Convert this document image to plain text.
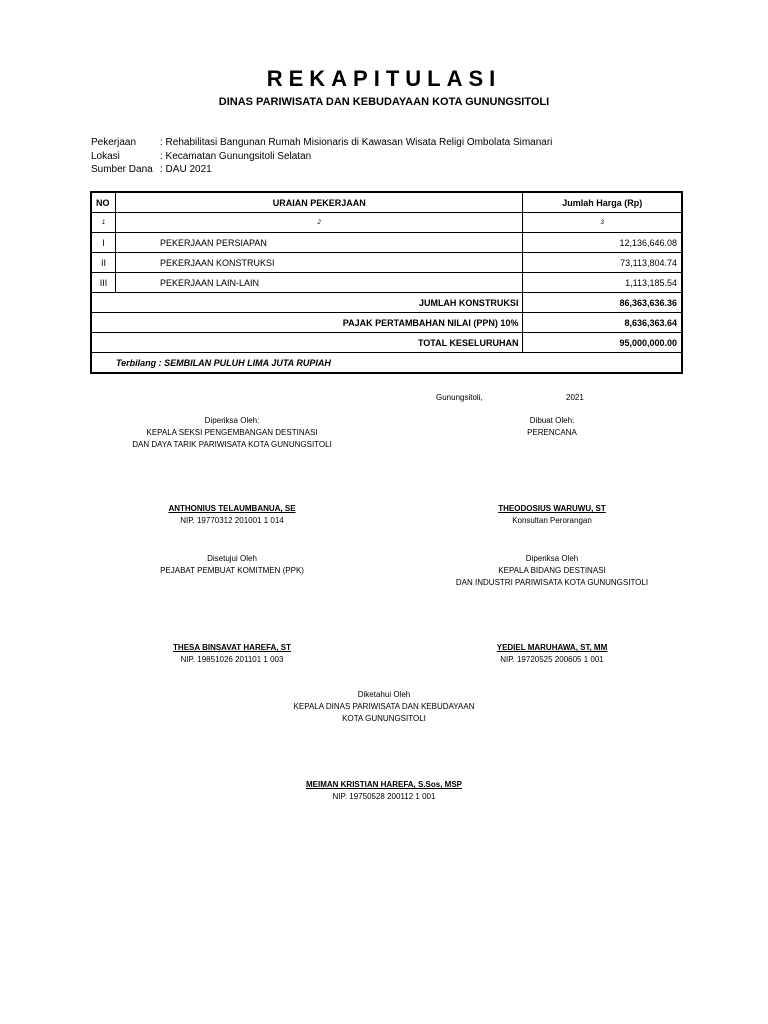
REKAPITULASI
DINAS PARIWISATA DAN KEBUDAYAAN KOTA GUNUNGSITOLI
Pekerjaan : Rehabilitasi Bangunan Rumah Misionaris di Kawasan Wisata Religi Ombolata Simanari
Lokasi	: Kecamatan Gunungsitoli Selatan
Sumber Dana : DAU 2021
NO	URAIAN PEKERJAAN	Jumlah Harga (Rp)
1	2	3
I	PEKERJAAN PERSIAPAN	12,136,646.08
II	PEKERJAAN KONSTRUKSI	73,113,804.74
III	PEKERJAAN LAIN-LAIN	1,113,185.54
JUMLAH KONSTRUKSI		86,363,636.36
PAJAK PERTAMBAHAN NILAI (PPN) 10%		8,636,363.64
TOTAL KESELURUHAN		95,000,000.00
Terbilang : SEMBILAN PULUH LIMA JUTA RUPIAH		
Gunungsitoli,	2021
Diperiksa Oleh:
KEPALA SEKSI PENGEMBANGAN DESTINASI
DAN DAYA TARIK PARIWISATA KOTA GUNUNGSITOLI
ANTHONIUS TELAUMBANUA, SE
NIP. 19770312 201001 1 014
Dibuat Oleh:
PERENCANA
THEODOSIUS WARUWU, ST
Konsultan Perorangan
Disetujui Oleh
PEJABAT PEMBUAT KOMITMEN (PPK)
THESA BINSAVAT HAREFA, ST
NIP. 19851026 201101 1 003
Diperiksa Oleh
KEPALA BIDANG DESTINASI
DAN INDUSTRI PARIWISATA KOTA GUNUNGSITOLI
YEDIEL MARUHAWA, ST, MM
NIP. 19720525 200605 1 001
Diketahui Oleh
KEPALA DINAS PARIWISATA DAN KEBUDAYAAN
KOTA GUNUNGSITOLI
MEIMAN KRISTIAN HAREFA, S.Sos, MSP
NIP. 19750528 200112 1 001
